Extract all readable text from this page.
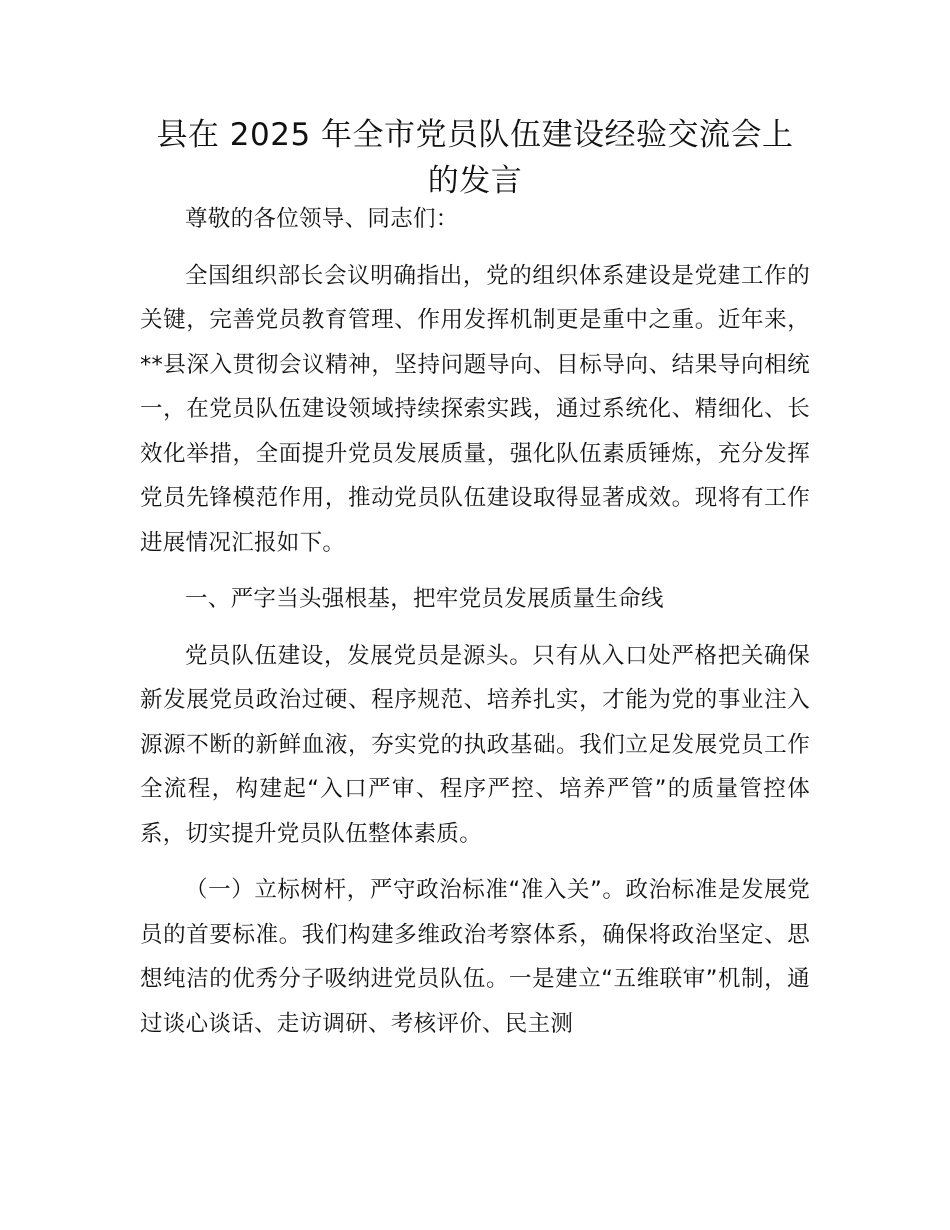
县在 2025 年全市党员队伍建设经验交流会上
的发言

尊敬的各位领导、同志们：

全国组织部长会议明确指出，党的组织体系建设是党建工作的关键，完善党员教育管理、作用发挥机制更是重中之重。近年来，**县深入贯彻会议精神，坚持问题导向、目标导向、结果导向相统一，在党员队伍建设领域持续探索实践，通过系统化、精细化、长效化举措，全面提升党员发展质量，强化队伍素质锤炼，充分发挥党员先锋模范作用，推动党员队伍建设取得显著成效。现将有工作进展情况汇报如下。

一、严字当头强根基，把牢党员发展质量生命线

党员队伍建设，发展党员是源头。只有从入口处严格把关确保新发展党员政治过硬、程序规范、培养扎实，才能为党的事业注入源源不断的新鲜血液，夯实党的执政基础。我们立足发展党员工作全流程，构建起“入口严审、程序严控、培养严管”的质量管控体系，切实提升党员队伍整体素质。

（一）立标树杆，严守政治标准“准入关”。政治标准是发展党员的首要标准。我们构建多维政治考察体系，确保将政治坚定、思想纯洁的优秀分子吸纳进党员队伍。一是建立“五维联审”机制，通过谈心谈话、走访调研、考核评价、民主测
